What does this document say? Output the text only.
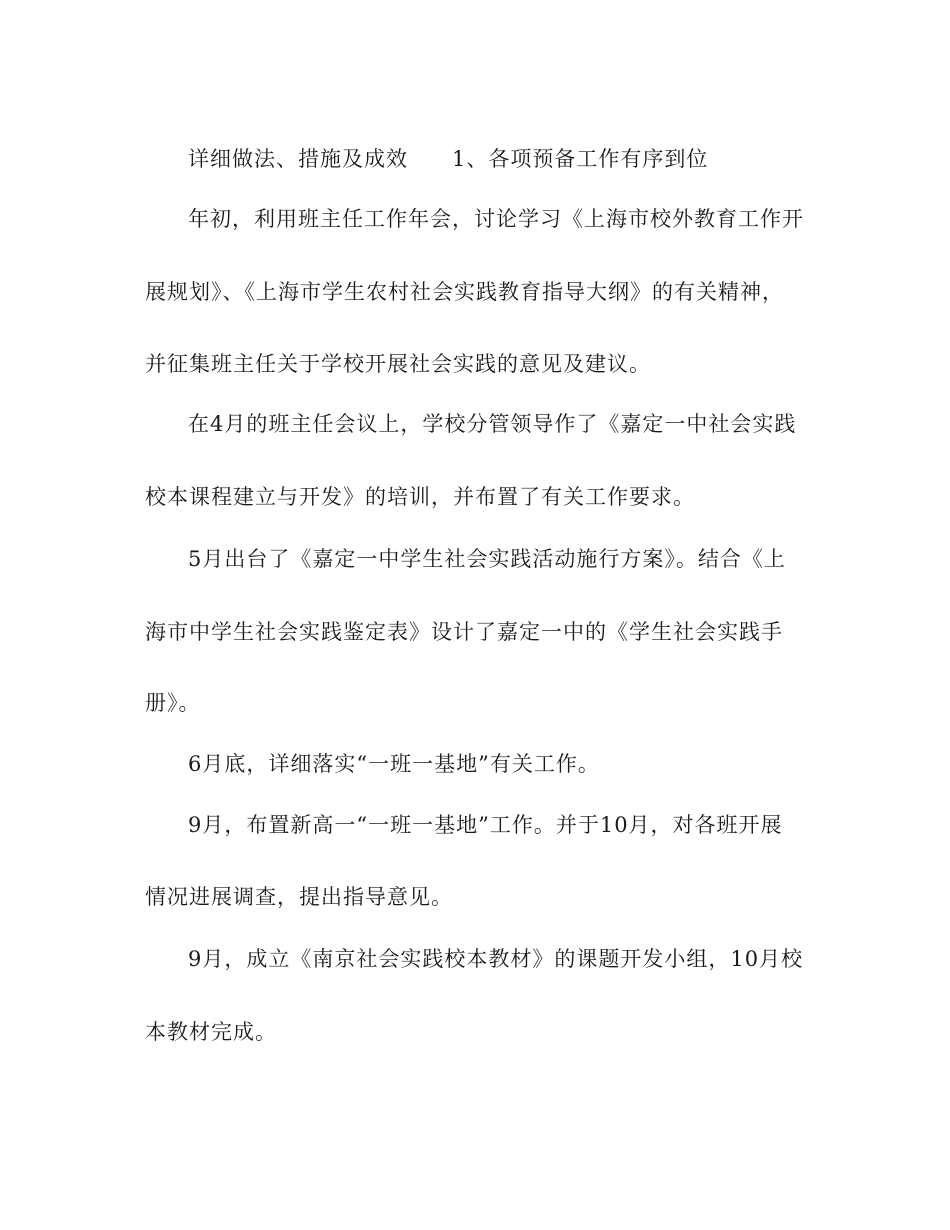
详细做法、措施及成效 1、各项预备工作有序到位

年初，利用班主任工作年会，讨论学习《上海市校外教育工作开

展规划》、《上海市学生农村社会实践教育指导大纲》的有关精神，

并征集班主任关于学校开展社会实践的意见及建议。

在4月的班主任会议上，学校分管领导作了《嘉定一中社会实践

校本课程建立与开发》的培训，并布置了有关工作要求。

5月出台了《嘉定一中学生社会实践活动施行方案》。结合《上

海市中学生社会实践鉴定表》设计了嘉定一中的《学生社会实践手

册》。

6月底，详细落实“一班一基地”有关工作。

9月，布置新高一“一班一基地”工作。并于10月，对各班开展

情况进展调查，提出指导意见。

9月，成立《南京社会实践校本教材》的课题开发小组，10月校

本教材完成。
